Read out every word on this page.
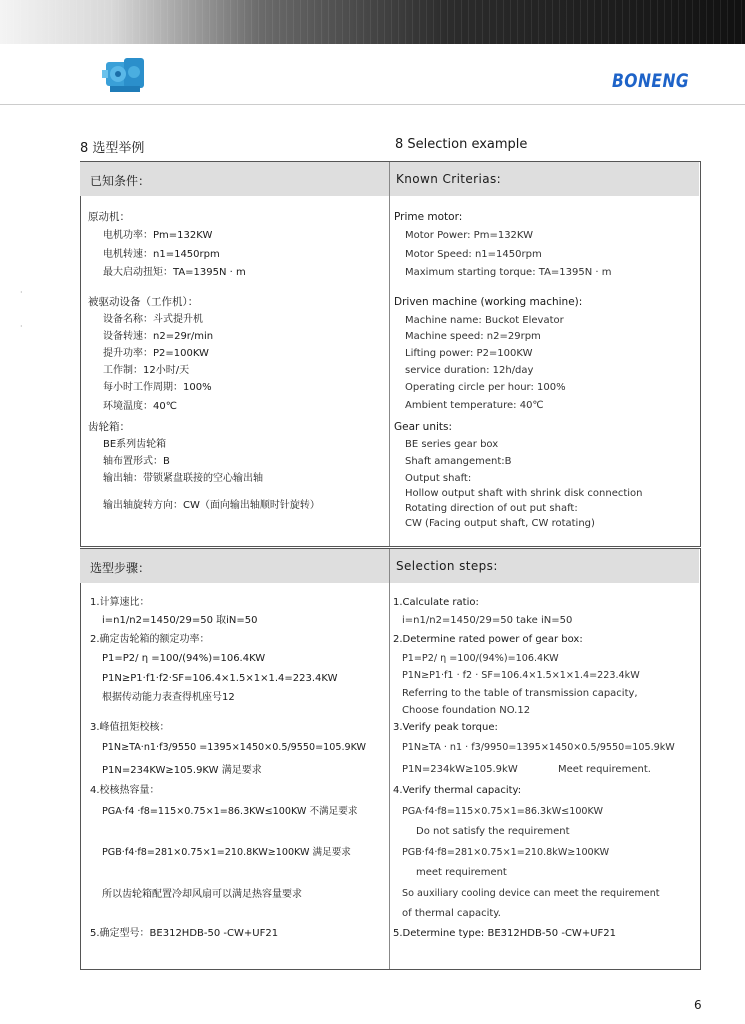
BONENG
8 选型举例	8 Selection example
已知条件：	Known Criterias:
原动机：
电机功率：Pm=132KW
电机转速：n1=1450rpm
最大启动扭矩：TA=1395N · m
被驱动设备（工作机）：
设备名称：斗式提升机
设备转速：n2=29r/min
提升功率：P2=100KW
工作制：12小时/天
每小时工作周期：100%
环境温度：40℃
齿轮箱：
BE系列齿轮箱
轴布置形式：B
输出轴：带锁紧盘联接的空心输出轴
输出轴旋转方向：CW（面向输出轴顺时针旋转）
Prime motor:
Motor Power: Pm=132KW
Motor Speed: n1=1450rpm
Maximum starting torque: TA=1395N · m
Driven machine (working machine):
Machine name: Buckot Elevator
Machine speed: n2=29rpm
Lifting power: P2=100KW
service duration: 12h/day
Operating circle per hour: 100%
Ambient temperature: 40℃
Gear units:
BE series gear box
Shaft amangement:B
Output shaft:
Hollow output shaft with shrink disk connection
Rotating direction of out put shaft:
CW (Facing output shaft, CW rotating)
选型步骤：	Selection steps:
1.计算速比：
i=n1/n2=1450/29=50 取iN=50
2.确定齿轮箱的额定功率：
P1=P2/ η =100/(94%)=106.4KW
P1N≥P1·f1·f2·SF=106.4×1.5×1×1.4=223.4KW
根据传动能力表查得机座号12
3.峰值扭矩校核：
P1N≥TA·n1·f3/9550 =1395×1450×0.5/9550=105.9KW
P1N=234KW≥105.9KW 满足要求
4.校核热容量：
PGA·f4 ·f8=115×0.75×1=86.3KW≤100KW 不满足要求
PGB·f4·f8=281×0.75×1=210.8KW≥100KW 满足要求
所以齿轮箱配置冷却风扇可以满足热容量要求
5.确定型号：BE312HDB-50 -CW+UF21
1.Calculate ratio:
i=n1/n2=1450/29=50 take iN=50
2.Determine rated power of gear box:
P1=P2/ η =100/(94%)=106.4KW
P1N≥P1·f1 · f2 · SF=106.4×1.5×1×1.4=223.4kW
Referring to the table of transmission capacity,
Choose foundation NO.12
3.Verify peak torque:
P1N≥TA · n1 · f3/9950=1395×1450×0.5/9550=105.9kW
P1N=234kW≥105.9kW	Meet requirement.
4.Verify thermal capacity:
PGA·f4·f8=115×0.75×1=86.3kW≤100KW
Do not satisfy the requirement
PGB·f4·f8=281×0.75×1=210.8kW≥100KW
meet requirement
So auxiliary cooling device can meet the requirement
of thermal capacity.
5.Determine type: BE312HDB-50 -CW+UF21
·
·
6
